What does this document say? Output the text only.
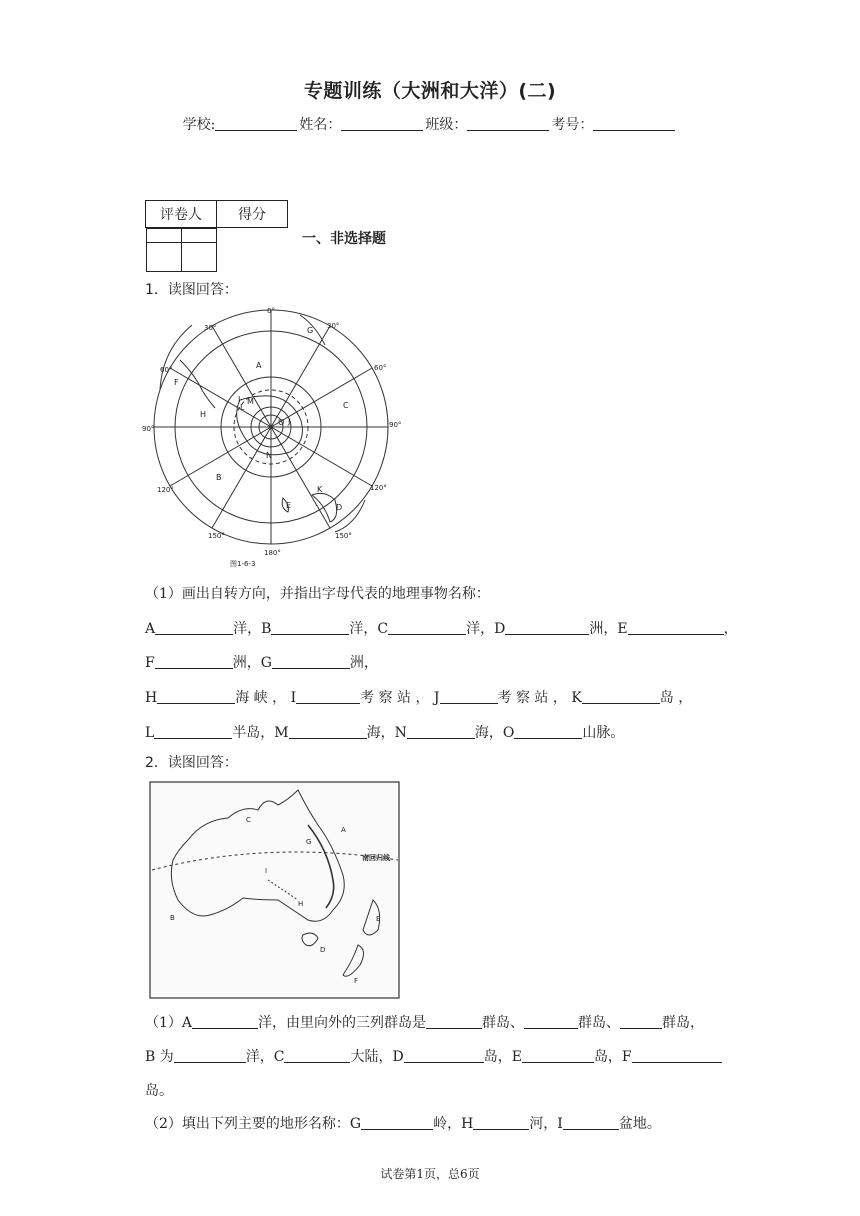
专题训练（大洲和大洋）(二)
学校:	姓名：	班级：	考号：
评卷人	得分

一、非选择题
1．读图回答：
0°
30°	30°
60°	60°
90°	90°
120°	120°
150°	150°
180°
A
B
C
D
E
F
G
H
I
J
K
L
M
N
O
图1-6-3
（1）画出自转方向，并指出字母代表的地理事物名称：
A	洋，B	洋，C	洋，D	洲，E	，
F	洲，G	洲，
H	海 峡 ， I	考 察 站 ， J	考 察 站 ， K	岛 ，
L	半岛，M	海，N	海，O	山脉。
2．读图回答：
A
B
C
D
E
F
G
H
I
南回归线
（1）A	洋，由里向外的三列群岛是	群岛、	群岛、	群岛，
B 为	洋，C	大陆，D	岛，E	岛，F
岛。
（2）填出下列主要的地形名称：G	岭，H	河，I	盆地。
试卷第1页，总6页
